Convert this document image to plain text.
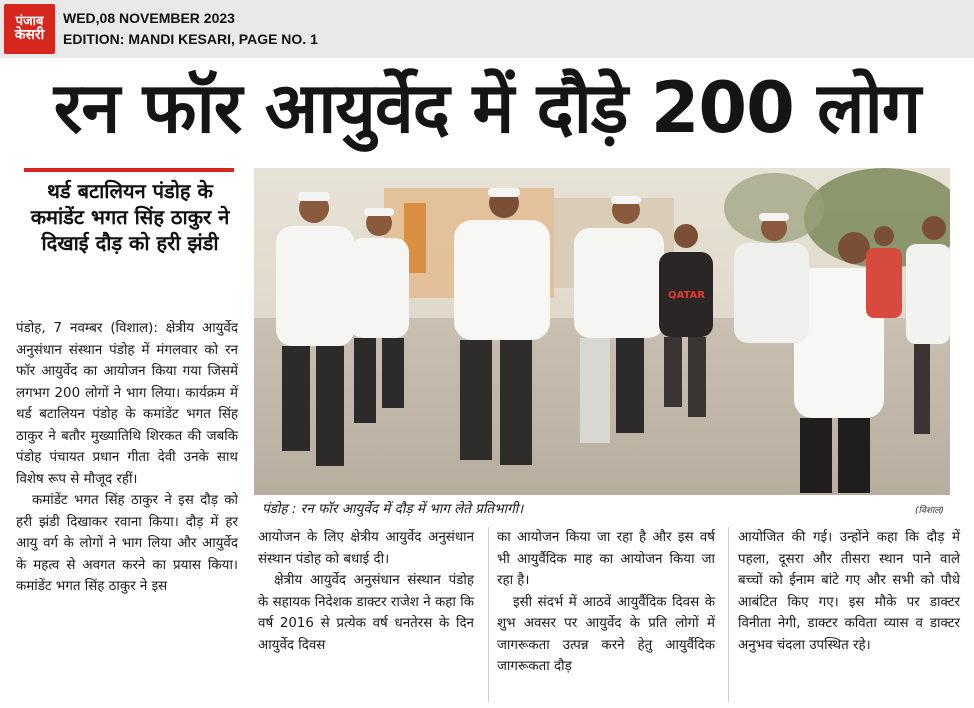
पंजाब
केसरी
WED,08 NOVEMBER 2023
EDITION: MANDI KESARI, PAGE NO. 1
रन फॉर आयुर्वेद में दौड़े 200 लोग
थर्ड बटालियन पंडोह के कमांडेंट भगत सिंह ठाकुर ने दिखाई दौड़ को हरी झंडी

पंडोह, 7 नवम्बर (विशाल): क्षेत्रीय आयुर्वेद अनुसंधान संस्थान पंडोह में मंगलवार को रन फॉर आयुर्वेद का आयोजन किया गया जिसमें लगभग 200 लोगों ने भाग लिया। कार्यक्रम में थर्ड बटालियन पंडोह के कमांडेंट भगत सिंह ठाकुर ने बतौर मुख्यातिथि शिरकत की जबकि पंडोह पंचायत प्रधान गीता देवी उनके साथ विशेष रूप से मौजूद रहीं।

कमांडेंट भगत सिंह ठाकुर ने इस दौड़ को हरी झंडी दिखाकर रवाना किया। दौड़ में हर आयु वर्ग के लोगों ने भाग लिया और आयुर्वेद के महत्व से अवगत करने का प्रयास किया। कमांडेंट भगत सिंह ठाकुर ने इस

QATAR
पंडोह : रन फॉर आयुर्वेद में दौड़ में भाग लेते प्रतिभागी।	(विशाल)

आयोजन के लिए क्षेत्रीय आयुर्वेद अनुसंधान संस्थान पंडोह को बधाई दी।

क्षेत्रीय आयुर्वेद अनुसंधान संस्थान पंडोह के सहायक निदेशक डाक्टर राजेश ने कहा कि वर्ष 2016 से प्रत्येक वर्ष धनतेरस के दिन आयुर्वेद दिवस

का आयोजन किया जा रहा है और इस वर्ष भी आयुर्वैदिक माह का आयोजन किया जा रहा है।

इसी संदर्भ में आठवें आयुर्वैदिक दिवस के शुभ अवसर पर आयुर्वेद के प्रति लोगों में जागरूकता उत्पन्न करने हेतु आयुर्वैदिक जागरूकता दौड़

आयोजित की गई। उन्होंने कहा कि दौड़ में पहला, दूसरा और तीसरा स्थान पाने वाले बच्चों को ईनाम बांटे गए और सभी को पौधे आबंटित किए गए। इस मौके पर डाक्टर विनीता नेगी, डाक्टर कविता व्यास व डाक्टर अनुभव चंदला उपस्थित रहे।
